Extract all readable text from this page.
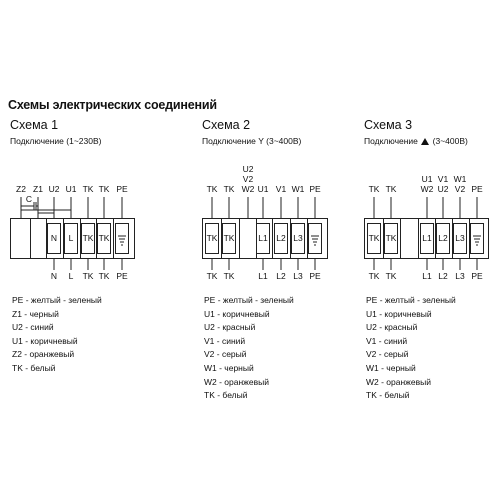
Схемы электрических соединений
Схема 1
Подключение (1~230В)
N L TK TK
Z2 Z1 U2
N
U1
L
TK
TK
TK
TK
PE
PE
C
PE - желтый - зеленый
Z1 - черный
U2 - синий
U1 - коричневый
Z2 - оранжевый
TK - белый
Схема 2
Подключение Y (3~400В)
TK TK	L1 L2 L3
TK
TK
TK
TK
U2
V2
W2 U1
L1
V1
L2
W1
L3
PE
PE
PE - желтый - зеленый
U1 - коричневый
U2 - красный
V1 - синий
V2 - серый
W1 - черный
W2 - оранжевый
TK - белый
Схема 3
Подключение (3~400В)
TK TK	L1 L2 L3
TK
TK
TK
TK
U1
W2
L1
V1
U2
L2
W1
V2
L3
PE
PE
PE - желтый - зеленый
U1 - коричневый
U2 - красный
V1 - синий
V2 - серый
W1 - черный
W2 - оранжевый
TK - белый
